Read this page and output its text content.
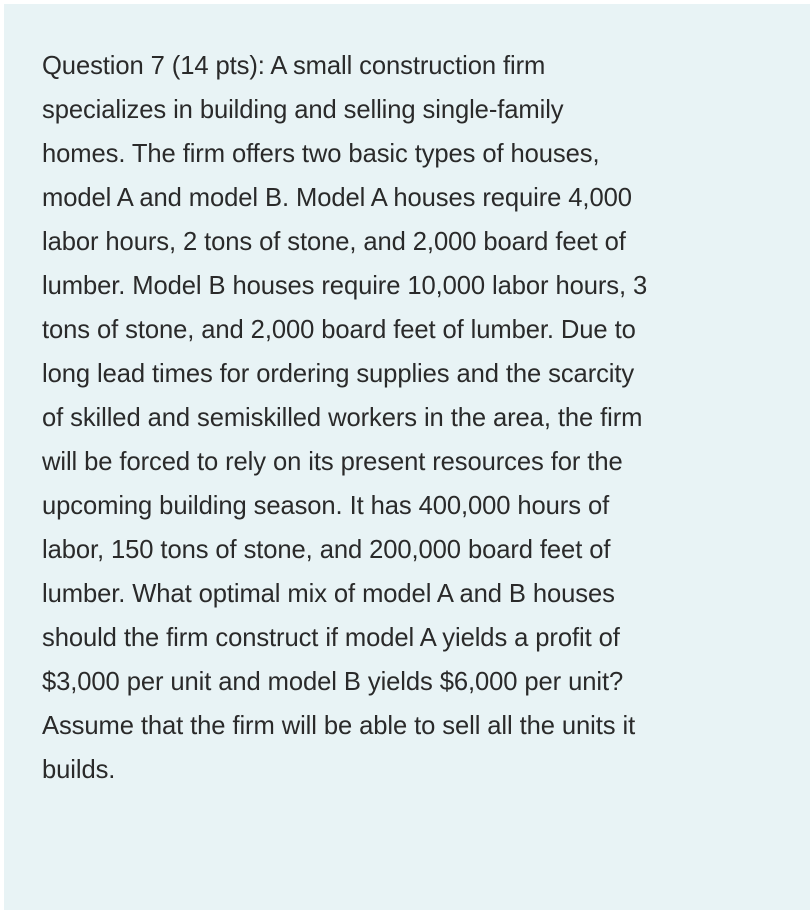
Question 7 (14 pts): A small construction firm
specializes in building and selling single-family
homes. The firm offers two basic types of houses,
model A and model B. Model A houses require 4,000
labor hours, 2 tons of stone, and 2,000 board feet of
lumber. Model B houses require 10,000 labor hours, 3
tons of stone, and 2,000 board feet of lumber. Due to
long lead times for ordering supplies and the scarcity
of skilled and semiskilled workers in the area, the firm
will be forced to rely on its present resources for the
upcoming building season. It has 400,000 hours of
labor, 150 tons of stone, and 200,000 board feet of
lumber. What optimal mix of model A and B houses
should the firm construct if model A yields a profit of
$3,000 per unit and model B yields $6,000 per unit?
Assume that the firm will be able to sell all the units it
builds.
